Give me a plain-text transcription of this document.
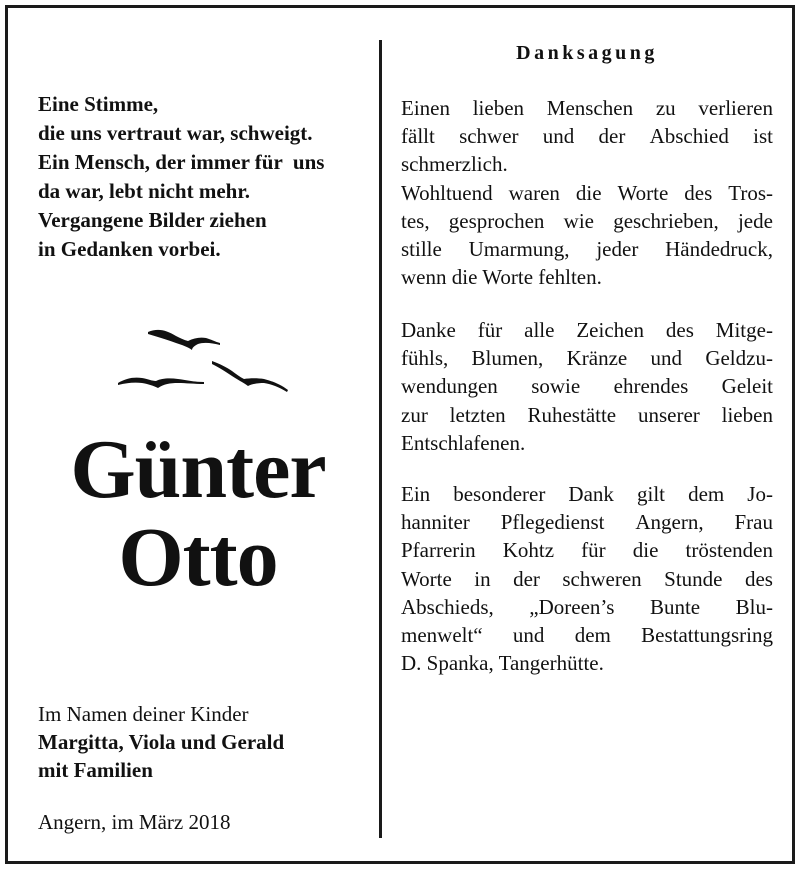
Eine Stimme,
die uns vertraut war, schweigt.
Ein Mensch, der immer für  uns
da war, lebt nicht mehr.
Vergangene Bilder ziehen
in Gedanken vorbei.
Günter
Otto
Im Namen deiner Kinder
Margitta, Viola und Gerald
mit Familien
Angern, im März 2018
Danksagung
Einen lieben Menschen zu verlieren
fällt schwer und der Abschied ist
schmerzlich.
Wohltuend waren die Worte des Tros-
tes, gesprochen wie geschrieben, jede
stille Umarmung, jeder Händedruck,
wenn die Worte fehlten.
Danke für alle Zeichen des Mitge-
fühls, Blumen, Kränze und Geldzu-
wendungen sowie ehrendes Geleit
zur letzten Ruhestätte unserer lieben
Entschlafenen.
Ein besonderer Dank gilt dem Jo-
hanniter Pflegedienst Angern, Frau
Pfarrerin Kohtz für die tröstenden
Worte in der schweren Stunde des
Abschieds, „Doreen’s Bunte Blu-
menwelt“ und dem Bestattungsring
D. Spanka, Tangerhütte.
